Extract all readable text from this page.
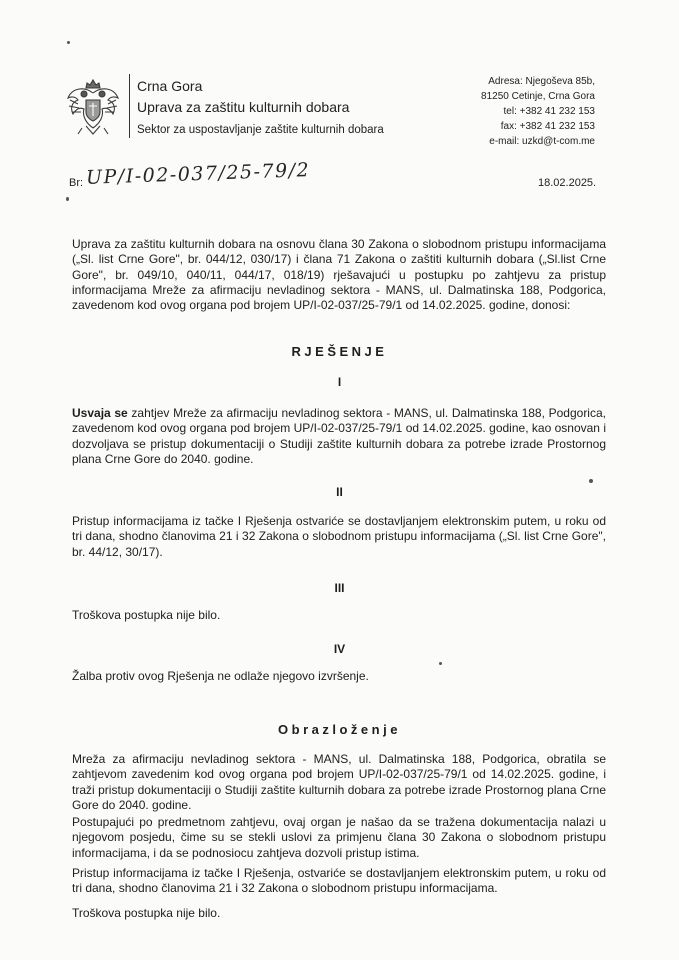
Crna Gora
Uprava za zaštitu kulturnih dobara
Sektor za uspostavljanje zaštite kulturnih dobara
Adresa: Njegoševa 85b,
81250 Cetinje, Crna Gora
tel: +382 41 232 153
fax: +382 41 232 153
e-mail: uzkd@t-com.me
Br: UP/I-02-037/25-79/2	18.02.2025.
Uprava za zaštitu kulturnih dobara na osnovu člana 30 Zakona o slobodnom pristupu informacijama („Sl. list Crne Gore", br. 044/12, 030/17) i člana 71 Zakona o zaštiti kulturnih dobara („Sl.list Crne Gore", br. 049/10, 040/11, 044/17, 018/19) rješavajući u postupku po zahtjevu za pristup informacijama Mreže za afirmaciju nevladinog sektora - MANS, ul. Dalmatinska 188, Podgorica, zavedenom kod ovog organa pod brojem UP/I-02-037/25-79/1 od 14.02.2025. godine, donosi:
RJEŠENJE
I
Usvaja se zahtjev Mreže za afirmaciju nevladinog sektora - MANS, ul. Dalmatinska 188, Podgorica, zavedenom kod ovog organa pod brojem UP/I-02-037/25-79/1 od 14.02.2025. godine, kao osnovan i dozvoljava se pristup dokumentaciji o Studiji zaštite kulturnih dobara za potrebe izrade Prostornog plana Crne Gore do 2040. godine.
II
Pristup informacijama iz tačke I Rješenja ostvariće se dostavljanjem elektronskim putem, u roku od tri dana, shodno članovima 21 i 32 Zakona o slobodnom pristupu informacijama („Sl. list Crne Gore", br. 44/12, 30/17).
III
Troškova postupka nije bilo.
IV
Žalba protiv ovog Rješenja ne odlaže njegovo izvršenje.
Obrazloženje
Mreža za afirmaciju nevladinog sektora - MANS, ul. Dalmatinska 188, Podgorica, obratila se zahtjevom zavedenim kod ovog organa pod brojem UP/I-02-037/25-79/1 od 14.02.2025. godine, i traži pristup dokumentaciji o Studiji zaštite kulturnih dobara za potrebe izrade Prostornog plana Crne Gore do 2040. godine.
Postupajući po predmetnom zahtjevu, ovaj organ je našao da se tražena dokumentacija nalazi u njegovom posjedu, čime su se stekli uslovi za primjenu člana 30 Zakona o slobodnom pristupu informacijama, i da se podnosiocu zahtjeva dozvoli pristup istima.
Pristup informacijama iz tačke I Rješenja, ostvariće se dostavljanjem elektronskim putem, u roku od tri dana, shodno članovima 21 i 32 Zakona o slobodnom pristupu informacijama.
Troškova postupka nije bilo.
